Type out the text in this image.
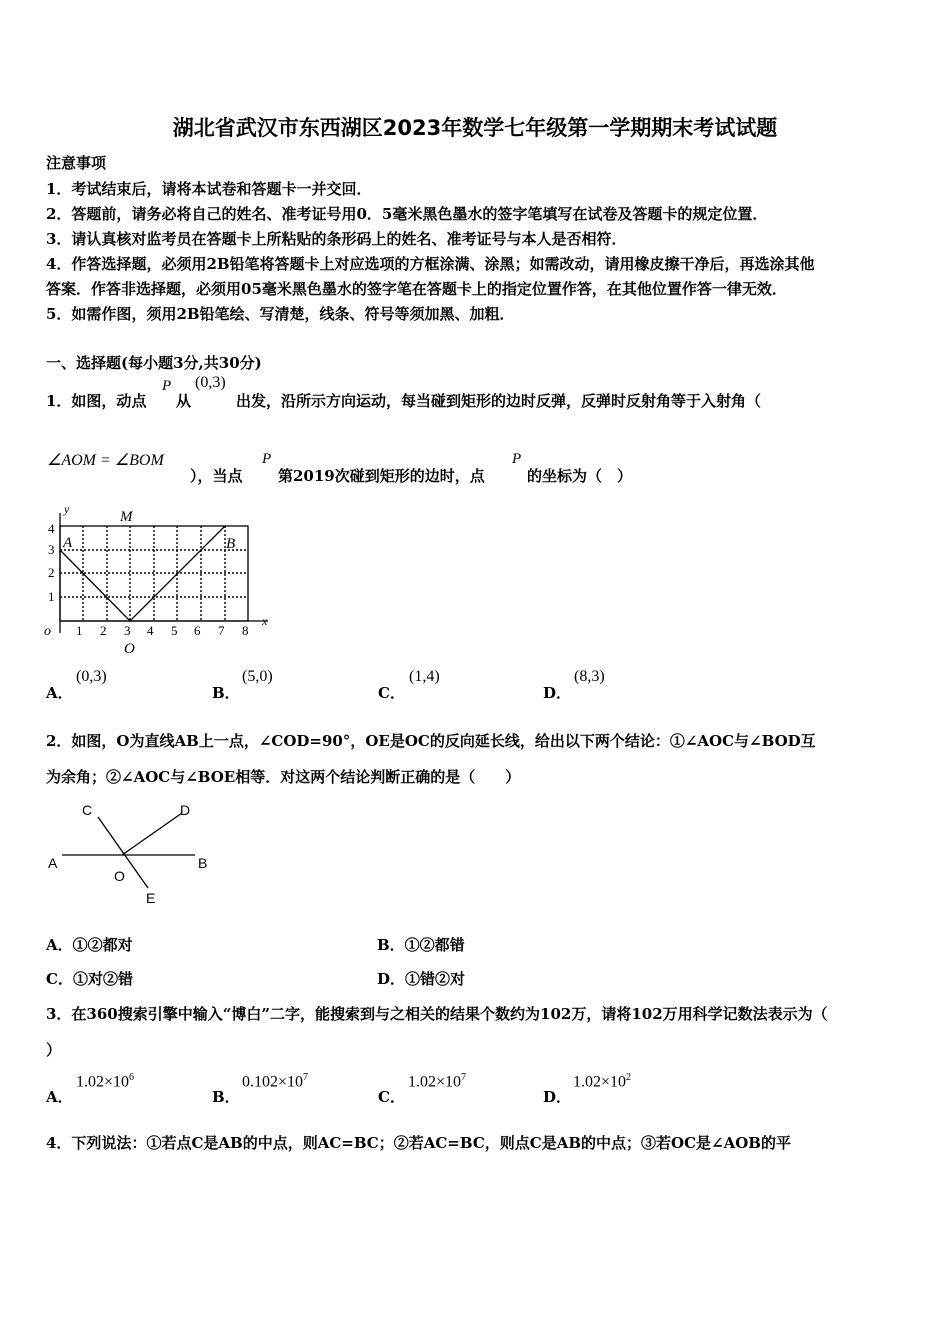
湖北省武汉市东西湖区2023年数学七年级第一学期期末考试试题
注意事项
1．考试结束后，请将本试卷和答题卡一并交回．
2．答题前，请务必将自己的姓名、准考证号用0．5毫米黑色墨水的签字笔填写在试卷及答题卡的规定位置．
3．请认真核对监考员在答题卡上所粘贴的条形码上的姓名、准考证号与本人是否相符．
4．作答选择题，必须用2B铅笔将答题卡上对应选项的方框涂满、涂黑；如需改动，请用橡皮擦干净后，再选涂其他
答案．作答非选择题，必须用05毫米黑色墨水的签字笔在答题卡上的指定位置作答，在其他位置作答一律无效．
5．如需作图，须用2B铅笔绘、写清楚，线条、符号等须加黑、加粗．
一、选择题(每小题3分,共30分)
1．如图，动点
P
从
(0,3)
出发，沿所示方向运动，每当碰到矩形的边时反弹，反弹时反射角等于入射角（
∠AOM = ∠BOM
），当点
P
第2019次碰到矩形的边时，点
P
的坐标为（　）
1 2 3 4 5 6 7 8
1
2
3
4
M
A	B
O
o
x
y
A．
(0,3)
B．
(5,0)
C．
(1,4)
D．
(8,3)
2．如图，O为直线AB上一点，∠COD=90°，OE是OC的反向延长线，给出以下两个结论：①∠AOC与∠BOD互
为余角；②∠AOC与∠BOE相等．对这两个结论判断正确的是（　　）
C	D
A	B
O
E
A．①②都对	B．①②都错
C．①对②错	D．①错②对
3．在360搜索引擎中输入“博白”二字，能搜索到与之相关的结果个数约为102万，请将102万用科学记数法表示为（
）
A．
$1.02\times 10^6$
B．
$0.102\times 10^7$
C．
$1.02\times 10^7$
D．
$1.02\times 10^2$
4．下列说法：①若点C是AB的中点，则AC=BC；②若AC=BC，则点C是AB的中点；③若OC是∠AOB的平
